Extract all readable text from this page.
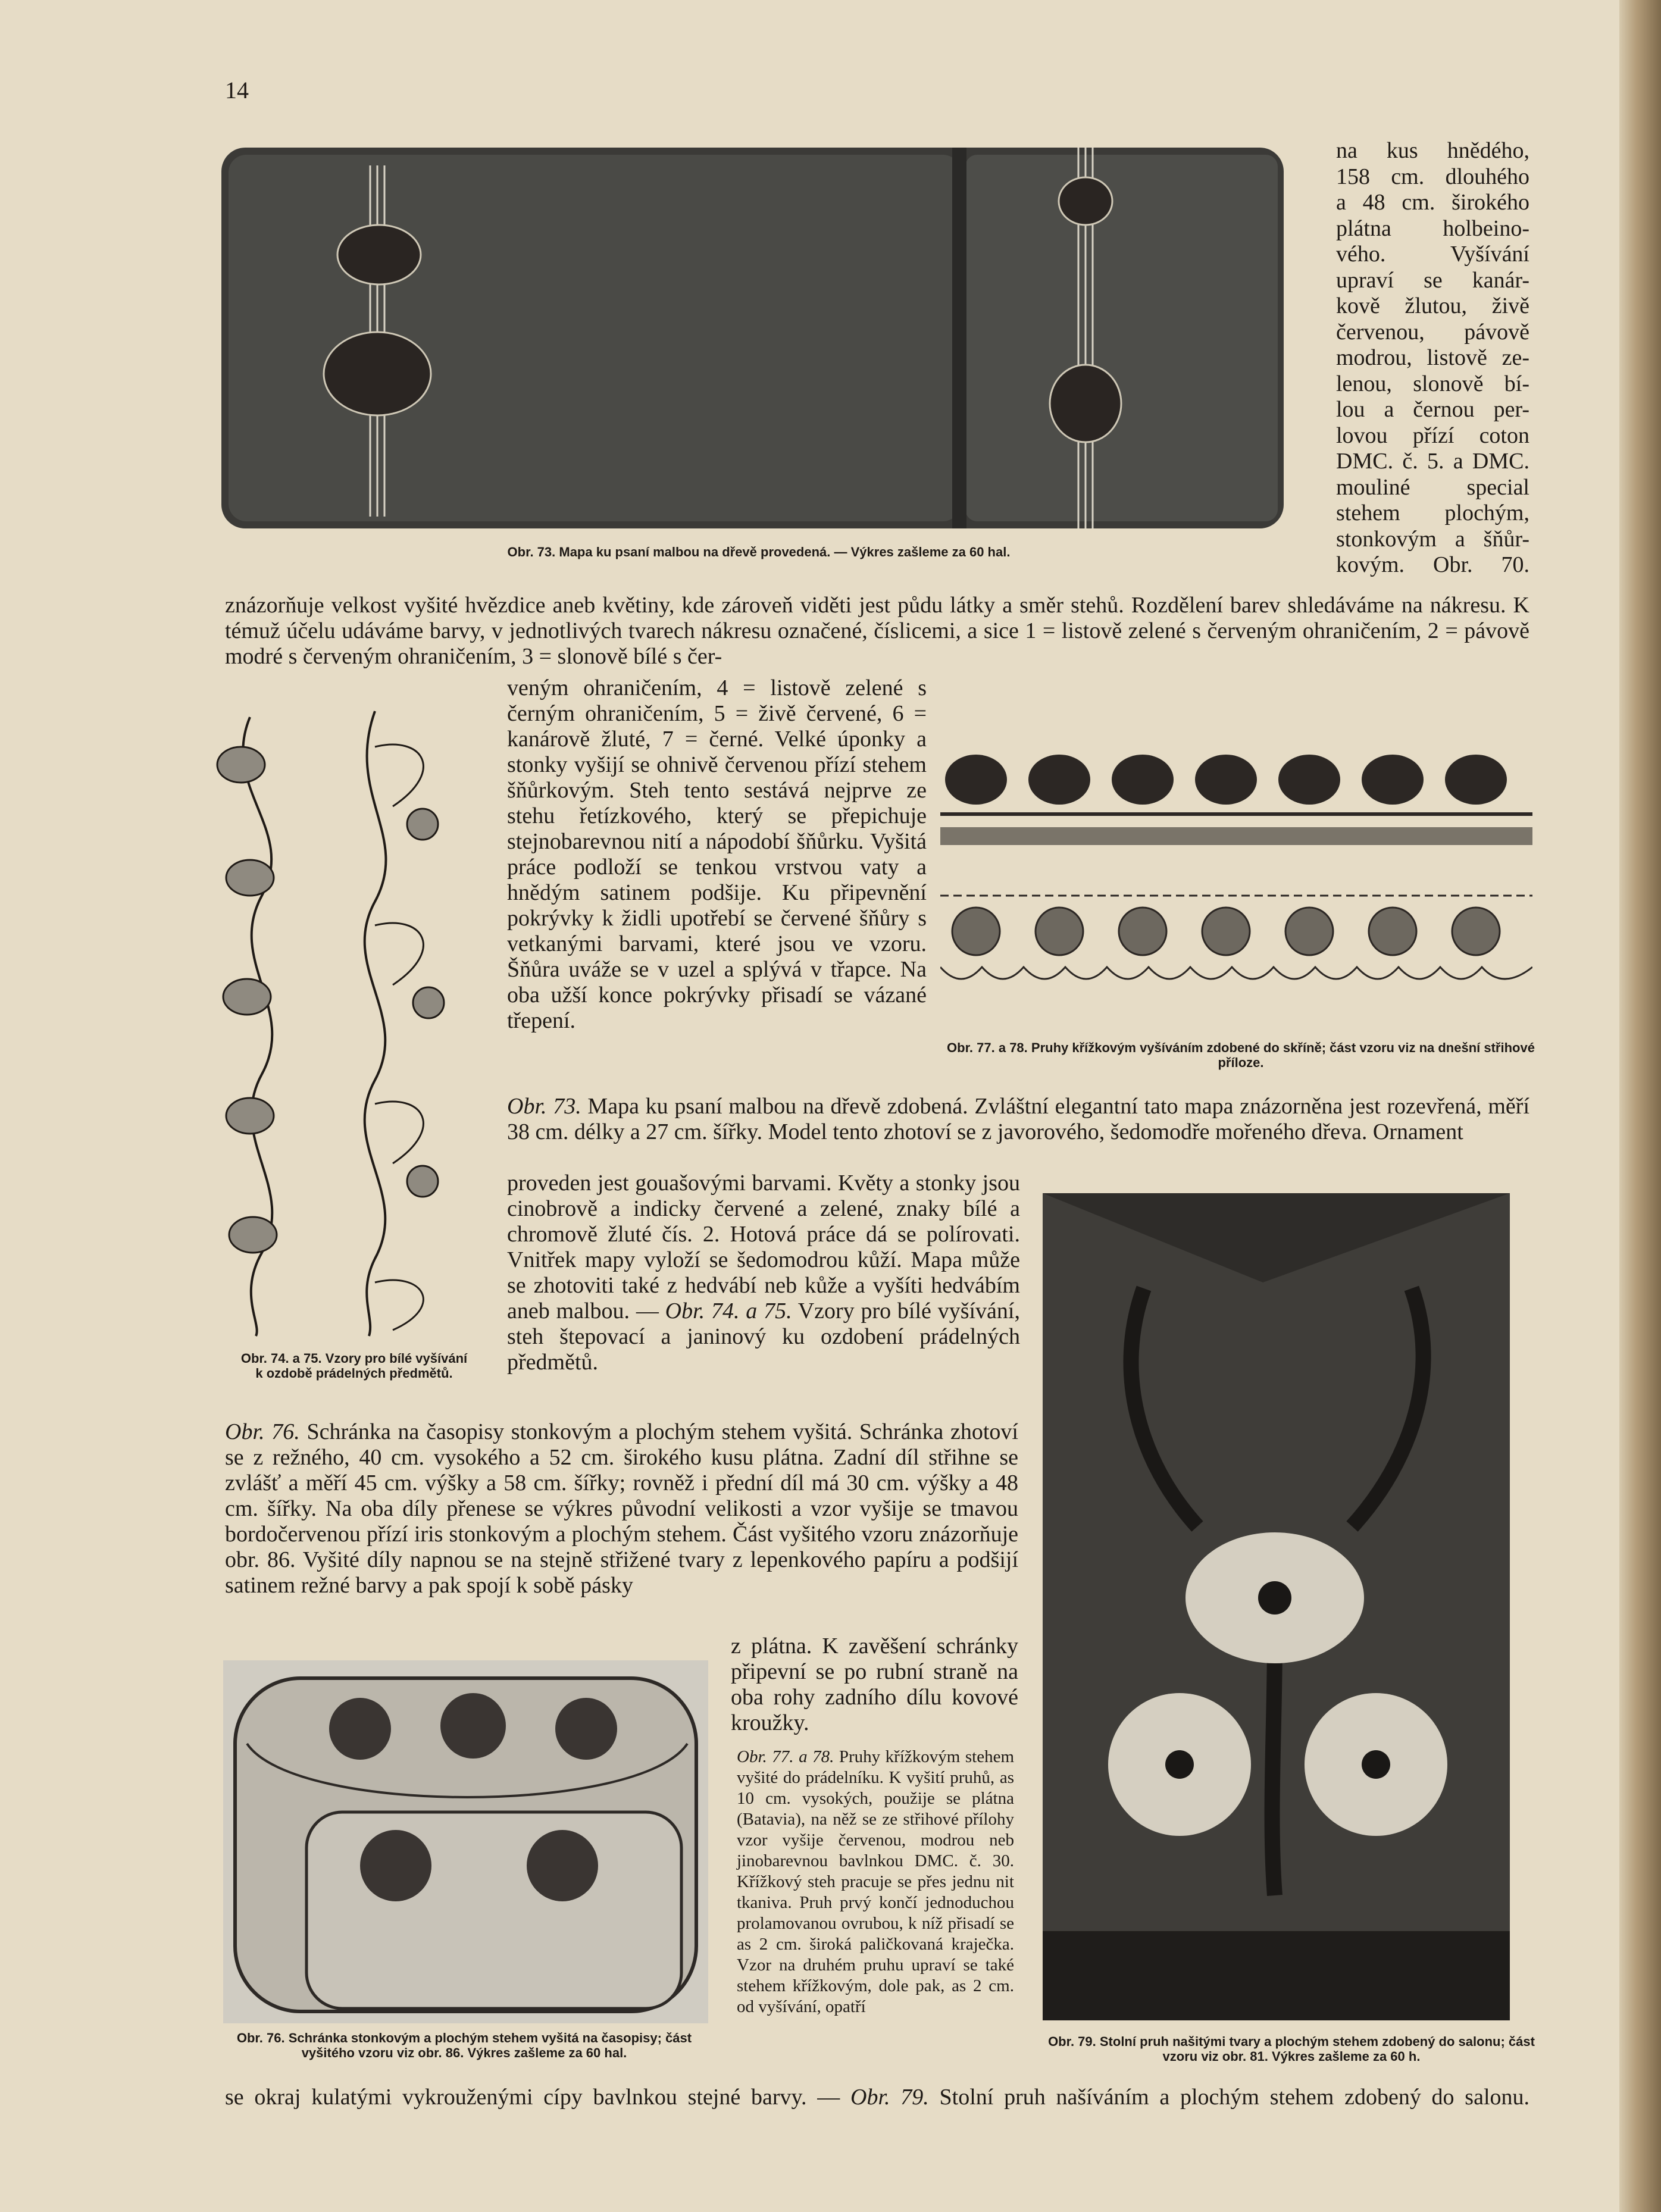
14
Obr. 73. Mapa ku psaní malbou na dřevě provedená. — Výkres zašleme za 60 hal.
na kus hnědého,
158 cm. dlouhého
a 48 cm. širokého
plátna holbeino-
vého. Vyšívání
upraví se kanár-
kově žlutou, živě
červenou, pávově
modrou, listově ze-
lenou, slonově bí-
lou a černou per-
lovou přízí coton
DMC. č. 5. a DMC.
mouliné special
stehem plochým,
stonkovým a šňůr-
kovým. Obr. 70.
znázorňuje velkost vyšité hvězdice aneb květiny, kde zároveň viděti jest půdu látky a směr stehů. Rozdělení barev shledáváme na nákresu. K témuž účelu udáváme barvy, v jednotlivých tvarech nákresu označené, číslicemi, a sice 1 = listově zelené s červeným ohraničením, 2 = pávově modré s červeným ohraničením, 3 = slonově bílé s čer-
Obr. 74. a 75. Vzory pro bílé vyšívání k ozdobě prádelných předmětů.
veným ohraničením, 4 = listově zelené s černým ohraničením, 5 = živě červené, 6 = kanárově žluté, 7 = černé. Velké úponky a stonky vyšijí se ohnivě červenou přízí stehem šňůrkovým. Steh tento sestává nejprve ze stehu řetízkového, který se přepichuje stejnobarevnou nití a nápodobí šňůrku. Vyšitá práce podloží se tenkou vrstvou vaty a hnědým satinem podšije. Ku připevnění pokrývky k židli upotřebí se červené šňůry s vetkanými barvami, které jsou ve vzoru. Šňůra uváže se v uzel a splývá v třapce. Na oba užší konce pokrývky přisadí se vázané třepení.
Obr. 77. a 78. Pruhy křížkovým vyšíváním zdobené do skříně; část vzoru viz na dnešní střihové příloze.
Obr. 73. Mapa ku psaní malbou na dřevě zdobená. Zvláštní elegantní tato mapa znázorněna jest rozevřená, měří 38 cm. délky a 27 cm. šířky. Model tento zhotoví se z javorového, šedomodře mořeného dřeva. Ornament
proveden jest gouašovými barvami. Květy a stonky jsou cinobrově a indicky červené a zelené, znaky bílé a chromově žluté čís. 2. Hotová práce dá se polírovati. Vnitřek mapy vyloží se šedomodrou kůží. Mapa může se zhotoviti také z hedvábí neb kůže a vyšíti hedvábím aneb malbou. — Obr. 74. a 75. Vzory pro bílé vyšívání, steh štepovací a janinový ku ozdobení prádelných předmětů.
Obr. 79. Stolní pruh našitými tvary a plochým stehem zdobený do salonu; část vzoru viz obr. 81. Výkres zašleme za 60 h.
Obr. 76. Schránka na časopisy stonkovým a plochým stehem vyšitá. Schránka zhotoví se z režného, 40 cm. vysokého a 52 cm. širokého kusu plátna. Zadní díl střihne se zvlášť a měří 45 cm. výšky a 58 cm. šířky; rovněž i přední díl má 30 cm. výšky a 48 cm. šířky. Na oba díly přenese se výkres původní velikosti a vzor vyšije se tmavou bordočervenou přízí iris stonkovým a plochým stehem. Část vyšitého vzoru znázorňuje obr. 86. Vyšité díly napnou se na stejně střižené tvary z lepenkového papíru a podšijí satinem režné barvy a pak spojí k sobě pásky
z plátna. K zavěšení schránky připevní se po rubní straně na oba rohy zadního dílu kovové kroužky.
Obr. 76. Schránka stonkovým a plochým stehem vyšitá na časopisy; část vyšitého vzoru viz obr. 86. Výkres zašleme za 60 hal.
Obr. 77. a 78. Pruhy křížkovým stehem vyšité do prádelníku. K vyšití pruhů, as 10 cm. vysokých, použije se plátna (Batavia), na něž se ze střihové přílohy vzor vyšije červenou, modrou neb jinobarevnou bavlnkou DMC. č. 30. Křížkový steh pracuje se přes jednu nit tkaniva. Pruh prvý končí jednoduchou prolamovanou ovrubou, k níž přisadí se as 2 cm. široká paličkovaná kraječka. Vzor na druhém pruhu upraví se také stehem křížkovým, dole pak, as 2 cm. od vyšívání, opatří
se okraj kulatými vykrouženými cípy bavlnkou stejné barvy. — Obr. 79. Stolní pruh našíváním a plochým stehem zdobený do salonu.
